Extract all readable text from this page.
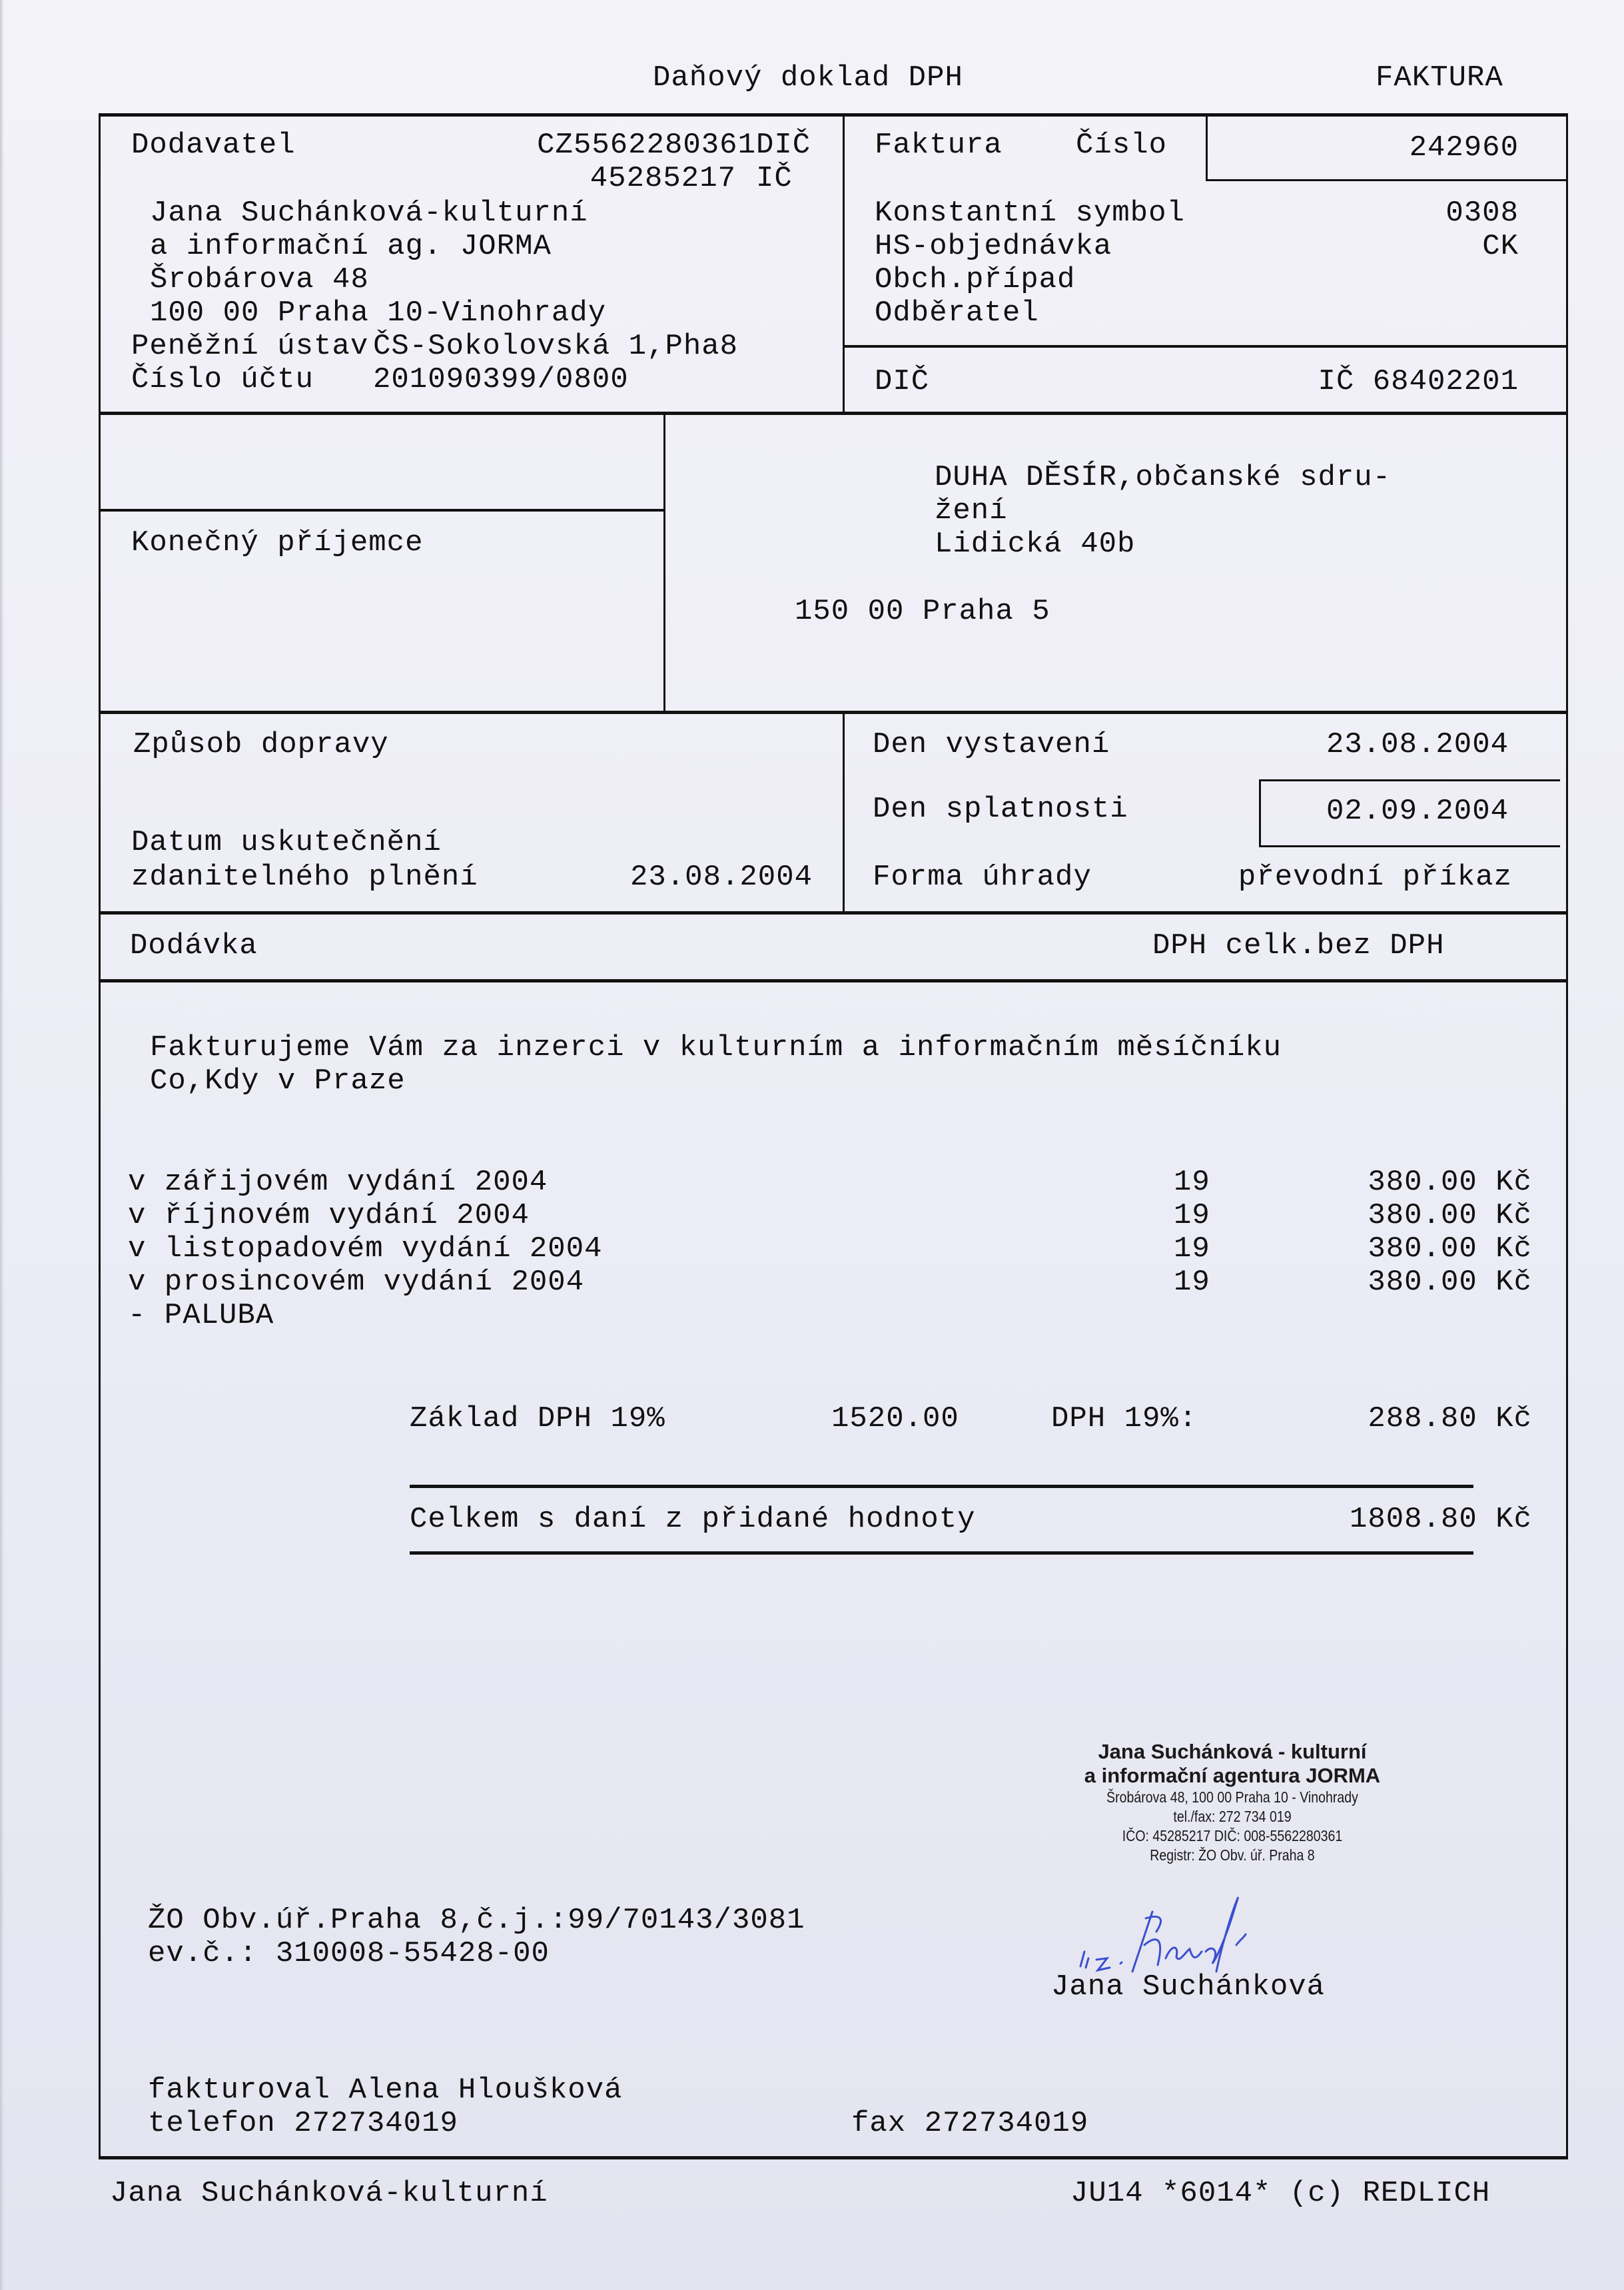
Daňový doklad DPH	FAKTURA
Dodavatel	CZ5562280361 DIČ
45285217 IČ
Jana Suchánková-kulturní
a informační ag. JORMA
Šrobárova 48
100 00 Praha 10-Vinohrady
Peněžní ústav ČS-Sokolovská 1,Pha8
Číslo účtu 201090399/0800
Faktura	Číslo	242960
Konstantní symbol	0308
HS-objednávka	CK
Obch.případ
Odběratel
DIČ	IČ 68402201
Konečný příjemce
DUHA DĚSÍR,občanské sdru-
žení
Lidická 40b
150 00 Praha 5
Způsob dopravy
Datum uskutečnění
zdanitelného plnění	23.08.2004
Den vystavení	23.08.2004
Den splatnosti	02.09.2004
Forma úhrady	převodní příkaz
Dodávka	DPH celk.bez DPH
Fakturujeme Vám za inzerci v kulturním a informačním měsíčníku
Co,Kdy v Praze
v zářijovém vydání 2004	19	380.00 Kč
v říjnovém vydání 2004	19	380.00 Kč
v listopadovém vydání 2004	19	380.00 Kč
v prosincovém vydání 2004	19	380.00 Kč
- PALUBA
Základ DPH 19%	1520.00	DPH 19%:	288.80 Kč
Celkem s daní z přidané hodnoty	1808.80 Kč
Jana Suchánková - kulturní
a informační agentura JORMA
Šrobárova 48, 100 00 Praha 10 - Vinohrady
tel./fax: 272 734 019
IČO: 45285217 DIČ: 008-5562280361
Registr: ŽO Obv. úř. Praha 8
Jana Suchánková
ŽO Obv.úř.Praha 8,č.j.:99/70143/3081
ev.č.: 310008-55428-00
fakturoval Alena Hloušková
telefon 272734019	fax 272734019
Jana Suchánková-kulturní	JU14 *6014* (c) REDLICH
